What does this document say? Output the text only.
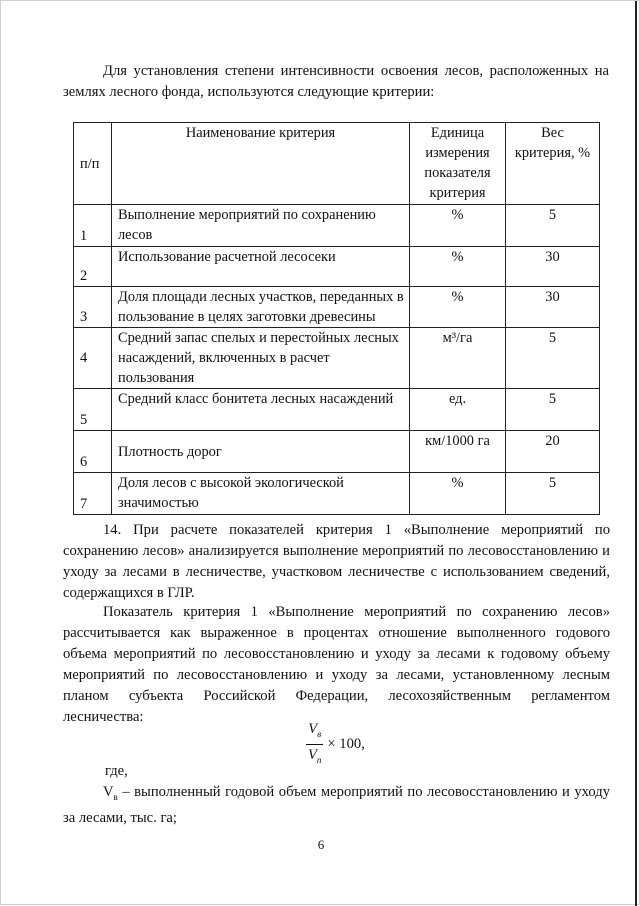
Для установления степени интенсивности освоения лесов, расположенных на землях лесного фонда, используются следующие критерии:

п/п	Наименование критерия	Единица измерения показателя критерия	Вес критерия, %
1	Выполнение мероприятий по сохранению лесов	%	5
2	Использование расчетной лесосеки	%	30
3	Доля площади лесных участков, переданных в пользование в целях заготовки древесины	%	30
4	Средний запас спелых и перестойных лесных насаждений, включенных в расчет пользования	м³/га	5
5	Средний класс бонитета лесных насаждений	ед.	5
6	Плотность дорог	км/1000 га	20
7	Доля лесов с высокой экологической значимостью	%	5

14. При расчете показателей критерия 1 «Выполнение мероприятий по сохранению лесов» анализируется выполнение мероприятий по лесовосстановлению и уходу за лесами в лесничестве, участковом лесничестве с использованием сведений, содержащихся в ГЛР.

Показатель критерия 1 «Выполнение мероприятий по сохранению лесов» рассчитывается как выраженное в процентах отношение выполненного годового объема мероприятий по лесовосстановлению и уходу за лесами к годовому объему мероприятий по лесовосстановлению и уходу за лесами, установленному лесным планом субъекта Российской Федерации, лесохозяйственным регламентом лесничества:

$\frac{V_в}{V_п} \times 100$,

где,

$V_в$ – выполненный годовой объем мероприятий по лесовосстановлению и уходу за лесами, тыс. га;

6
